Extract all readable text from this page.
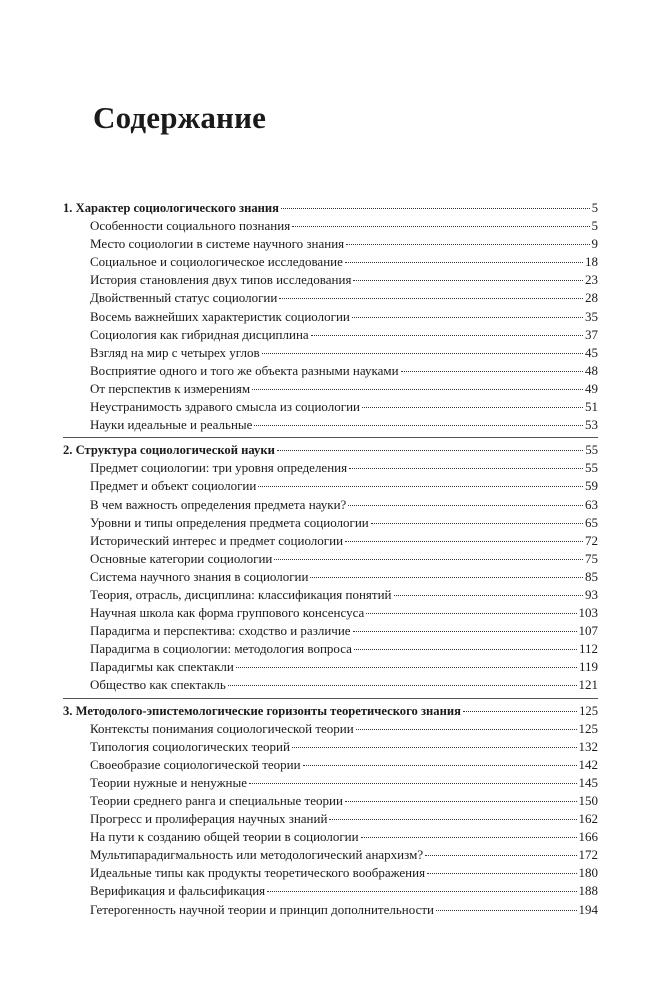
Содержание
1. Характер социологического знания	5
Особенности социального познания	5
Место социологии в системе научного знания	9
Социальное и социологическое исследование	18
История становления двух типов исследования	23
Двойственный статус социологии	28
Восемь важнейших характеристик социологии	35
Социология как гибридная дисциплина	37
Взгляд на мир с четырех углов	45
Восприятие одного и того же объекта разными науками	48
От перспектив к измерениям	49
Неустранимость здравого смысла из социологии	51
Науки идеальные и реальные	53
2. Структура социологической науки	55
Предмет социологии: три уровня определения	55
Предмет и объект социологии	59
В чем важность определения предмета науки?	63
Уровни и типы определения предмета социологии	65
Исторический интерес и предмет социологии	72
Основные категории социологии	75
Система научного знания в социологии	85
Теория, отрасль, дисциплина: классификация понятий	93
Научная школа как форма группового консенсуса	103
Парадигма и перспектива: сходство и различие	107
Парадигма в социологии: методология вопроса	112
Парадигмы как спектакли	119
Общество как спектакль	121
3. Методолого-эпистемологические горизонты теоретического знания	125
Контексты понимания социологической теории	125
Типология социологических теорий	132
Своеобразие социологической теории	142
Теории нужные и ненужные	145
Теории среднего ранга и специальные теории	150
Прогресс и пролиферация научных знаний	162
На пути к созданию общей теории в социологии	166
Мультипарадигмальность или методологический анархизм?	172
Идеальные типы как продукты теоретического воображения	180
Верификация и фальсификация	188
Гетерогенность научной теории и принцип дополнительности	194
